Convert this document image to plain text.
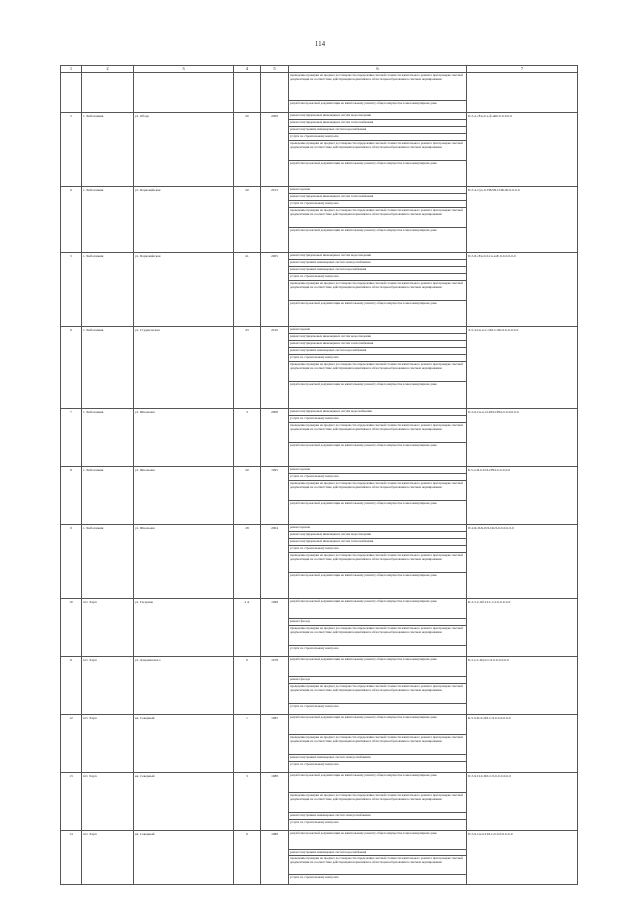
114
1	2	3	4	5	6	7
проведение проверки на предмет достоверности определения сметной стоимости капитального ремонта при проверке сметной документации на соответствие действующим нормативам в области ценообразования в сметном нормировании
разработка проектной документации на капитальному ремонту общего имущества в многоквартирном доме
5	г. Любохмыня	ул. Обода	20	2009	ремонт внутридомовых инженерных систем водоотведения
ремонт внутридомовых инженерных систем теплоснабжения
ремонт внутренних инженерных систем водоснабжения
услуги по строительному контролю
проведение проверки на предмет достоверности определения сметной стоимости капитального ремонта при проверке сметной документации на соответствие действующим нормативам в области ценообразования в сметном нормировании
разработка проектной документации на капитальному ремонту общего имущества в многоквартирном доме
П-5-2-сЕн-0-л-ф-н00-0-0-0-0-0
6	г. Любохмыня	ул. Первомайская	20	2013	ремонт кровли
ремонт внутридомовых инженерных систем теплоснабжения
услуги по строительному контролю
проведение проверки на предмет достоверности определения сметной стоимости капитального ремонта при проверке сметной документации на соответствие действующим нормативам в области ценообразования в сметном нормировании
разработка проектной документации на капитальному ремонту общего имущества в многоквартирном доме
П-5-4-Сух-0-УВЛП-СПБ-00-0-0-0-0
5	г. Любохмыня	ул. Первомайская	41	2005	ремонт внутридомовых инженерных систем водоотведения
ремонт внутренних инженерных систем электроснабжения
ремонт внутренних инженерных систем водоснабжения
услуги по строительному контролю
проведение проверки на предмет достоверности определения сметной стоимости капитального ремонта при проверке сметной документации на соответствие действующим нормативам в области ценообразования в сметном нормировании
разработка проектной документации на капитальному ремонту общего имущества в многоквартирном доме
П-5-8-сЕн-0-0-гн-ааЕ-0-0-0-0-0-0
6	г. Любохмыня	ул. Студенческая	43	2010	ремонт кровли
ремонт внутридомовых инженерных систем водоотведения
ремонт внутридомовых инженерных систем теплоснабжения
ремонт внутренних инженерных систем водоснабжения
услуги по строительному контролю
проведение проверки на предмет достоверности определения сметной стоимости капитального ремонта при проверке сметной документации на соответствие действующим нормативам в области ценообразования в сметном нормировании
разработка проектной документации на капитальному ремонту общего имущества в многоквартирном доме
Э-5-4-Сн-п-С-ПЛ-СЛО-0-0-0-0-0-0
7	г. Любохмыня	ул. Школьная	3	2008	ремонт внутридомовых инженерных систем водоснабжения
услуги по строительному контролю
проведение проверки на предмет достоверности определения сметной стоимости капитального ремонта при проверке сметной документации на соответствие действующим нормативам в области ценообразования в сметном нормировании
разработка проектной документации на капитальному ремонту общего имущества в многоквартирном доме
П-5-6-Сн-п-О-ПИ-СВО-0-0-0-0-0-0
8	г. Любохмыня	ул. Школьная	20	1995	ремонт кровли
услуги по строительному контролю
проведение проверки на предмет достоверности определения сметной стоимости капитального ремонта при проверке сметной документации на соответствие действующим нормативам в области ценообразования в сметном нормировании
разработка проектной документации на капитальному ремонту общего имущества в многоквартирном доме
Б-5-4-П-0-ПЛ-СВО-0-0-0-0-0
9	г. Любохмыня	ул. Школьная	28	2004	ремонт кровли
ремонт внутридомовых инженерных систем водоотведения
ремонт внутридомовых инженерных систем теплоснабжения
услуги по строительному контролю
проведение проверки на предмет достоверности определения сметной стоимости капитального ремонта при проверке сметной документации на соответствие действующим нормативам в области ценообразования в сметном нормировании
разработка проектной документации на капитальному ремонту общего имущества в многоквартирном доме
П-2-Б-П-Б-ПЛ-СКЛ-0-0-0-0-0-0
10	пгт. Харп	ул. Гагарина	2 А	1998	разработка проектной документации на капитальному ремонту общего имущества в многоквартирном доме
ремонт фасада
проведение проверки на предмет достоверности определения сметной стоимости капитального ремонта при проверке сметной документации на соответствие действующим нормативам в области ценообразования в сметном нормировании
услуги по строительному контролю
К-3-5-С-Бб-П-С-Сл-0-0-0-0-0
11	пгт. Харп	ул. Дзержинского	6	1978	разработка проектной документации на капитальному ремонту общего имущества в многоквартирном доме
ремонт фасада
проведение проверки на предмет достоверности определения сметной стоимости капитального ремонта при проверке сметной документации на соответствие действующим нормативам в области ценообразования в сметном нормировании
услуги по строительному контролю
Б-3-2-С-Щ-0-СЛ-0-0-0-0-0-0
12	пгт. Харп	кв. Северный	1	1985	разработка проектной документации на капитальному ремонту общего имущества в многоквартирном доме
проведение проверки на предмет достоверности определения сметной стоимости капитального ремонта при проверке сметной документации на соответствие действующим нормативам в области ценообразования в сметном нормировании
ремонт внутренних инженерных систем электроснабжения
услуги по строительному контролю
К-5-9-П-0-ПЛ-СЛ-0-0-0-0-0-0
13	пгт. Харп	кв. Северный	3	1988	разработка проектной документации на капитальному ремонту общего имущества в многоквартирном доме
проведение проверки на предмет достоверности определения сметной стоимости капитального ремонта при проверке сметной документации на соответствие действующим нормативам в области ценообразования в сметном нормировании
ремонт внутренних инженерных систем электроснабжения
услуги по строительному контролю
П-5-9-П-0-ПЛ-СЛ-0-0-0-0-0-0
14	пгт. Харп	кв. Северный	6	1988	разработка проектной документации на капитальному ремонту общего имущества в многоквартирном доме
ремонт внутренних инженерных систем водоснабжения
проведение проверки на предмет достоверности определения сметной стоимости капитального ремонта при проверке сметной документации на соответствие действующим нормативам в области ценообразования в сметном нормировании
услуги по строительному контролю
П-5-9-Сн-0-ПЛ-СЛ-0-0-0-0-0-0
